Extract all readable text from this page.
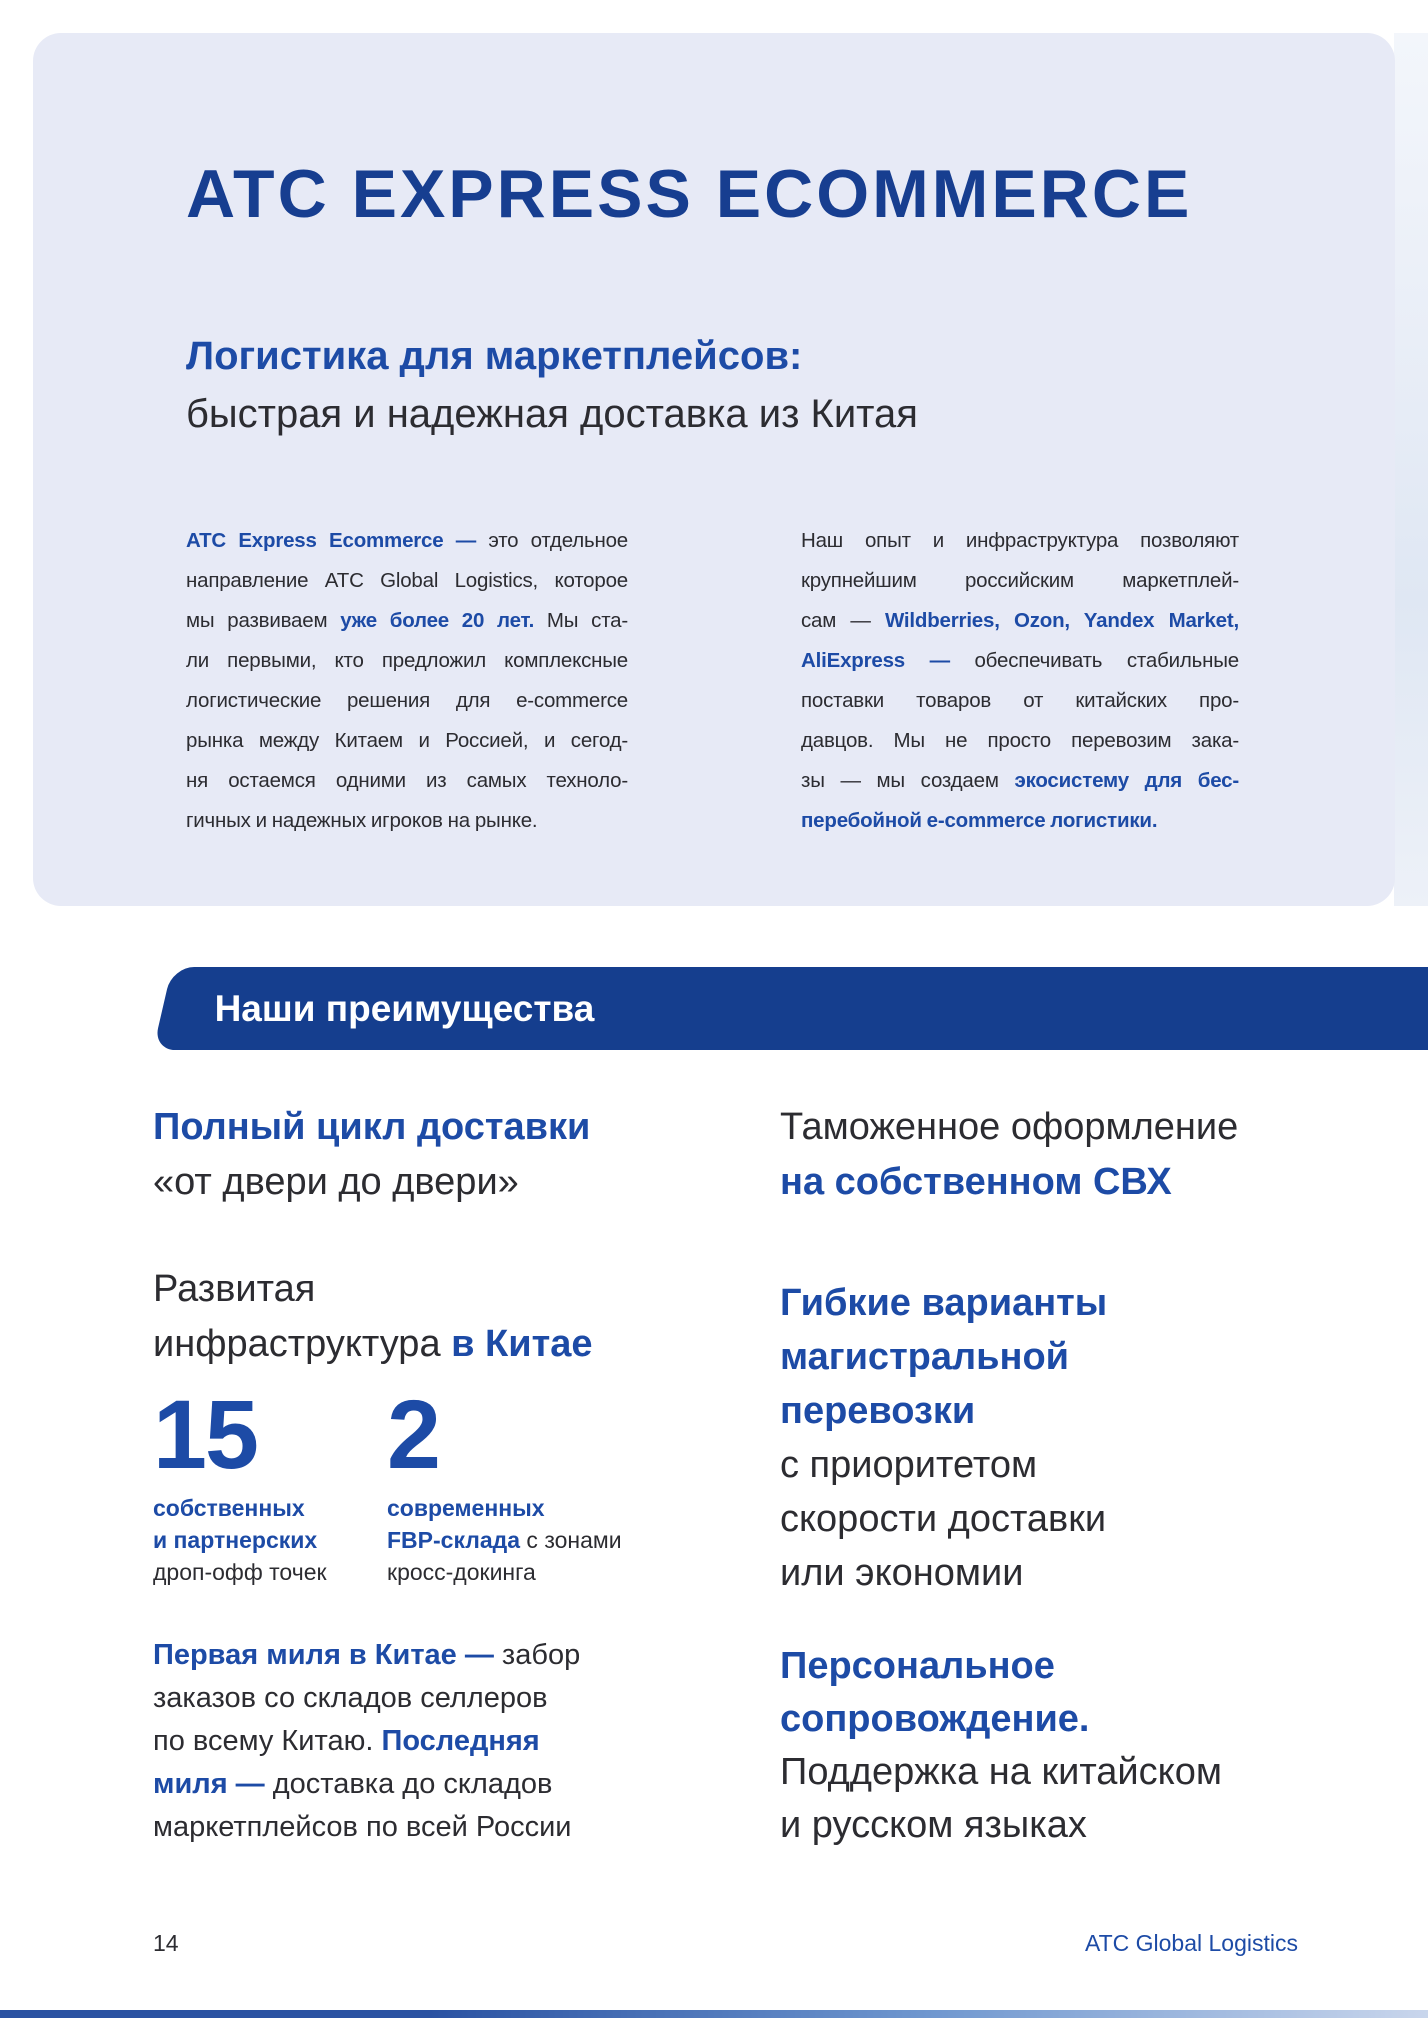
ATC EXPRESS ECOMMERCE
Логистика для маркетплейсов:
быстрая и надежная доставка из Китая
ATC Express Ecommerce — это отдельное
направление ATC Global Logistics, которое
мы развиваем уже более 20 лет. Мы ста-
ли первыми, кто предложил комплексные
логистические решения для e-commerce
рынка между Китаем и Россией, и сегод-
ня остаемся одними из самых техноло-
гичных и надежных игроков на рынке.
Наш опыт и инфраструктура позволяют
крупнейшим российским маркетплей-
сам — Wildberries, Ozon, Yandex Market,
AliExpress — обеспечивать стабильные
поставки товаров от китайских про-
давцов. Мы не просто перевозим зака-
зы — мы создаем экосистему для бес-
перебойной e-commerce логистики.
Наши преимущества
Полный цикл доставки
«от двери до двери»
Таможенное оформление
на собственном СВХ
Развитая
инфраструктура в Китае
Гибкие варианты
магистральной
перевозки
с приоритетом
скорости доставки
или экономии
15
собственных
и партнерских
дроп-офф точек
2
современных
FBP-склада с зонами
кросс-докинга
Первая миля в Китае — забор
заказов со складов селлеров
по всему Китаю. Последняя
миля — доставка до складов
маркетплейсов по всей России
Персональное
сопровождение.
Поддержка на китайском
и русском языках
14	ATC Global Logistics
